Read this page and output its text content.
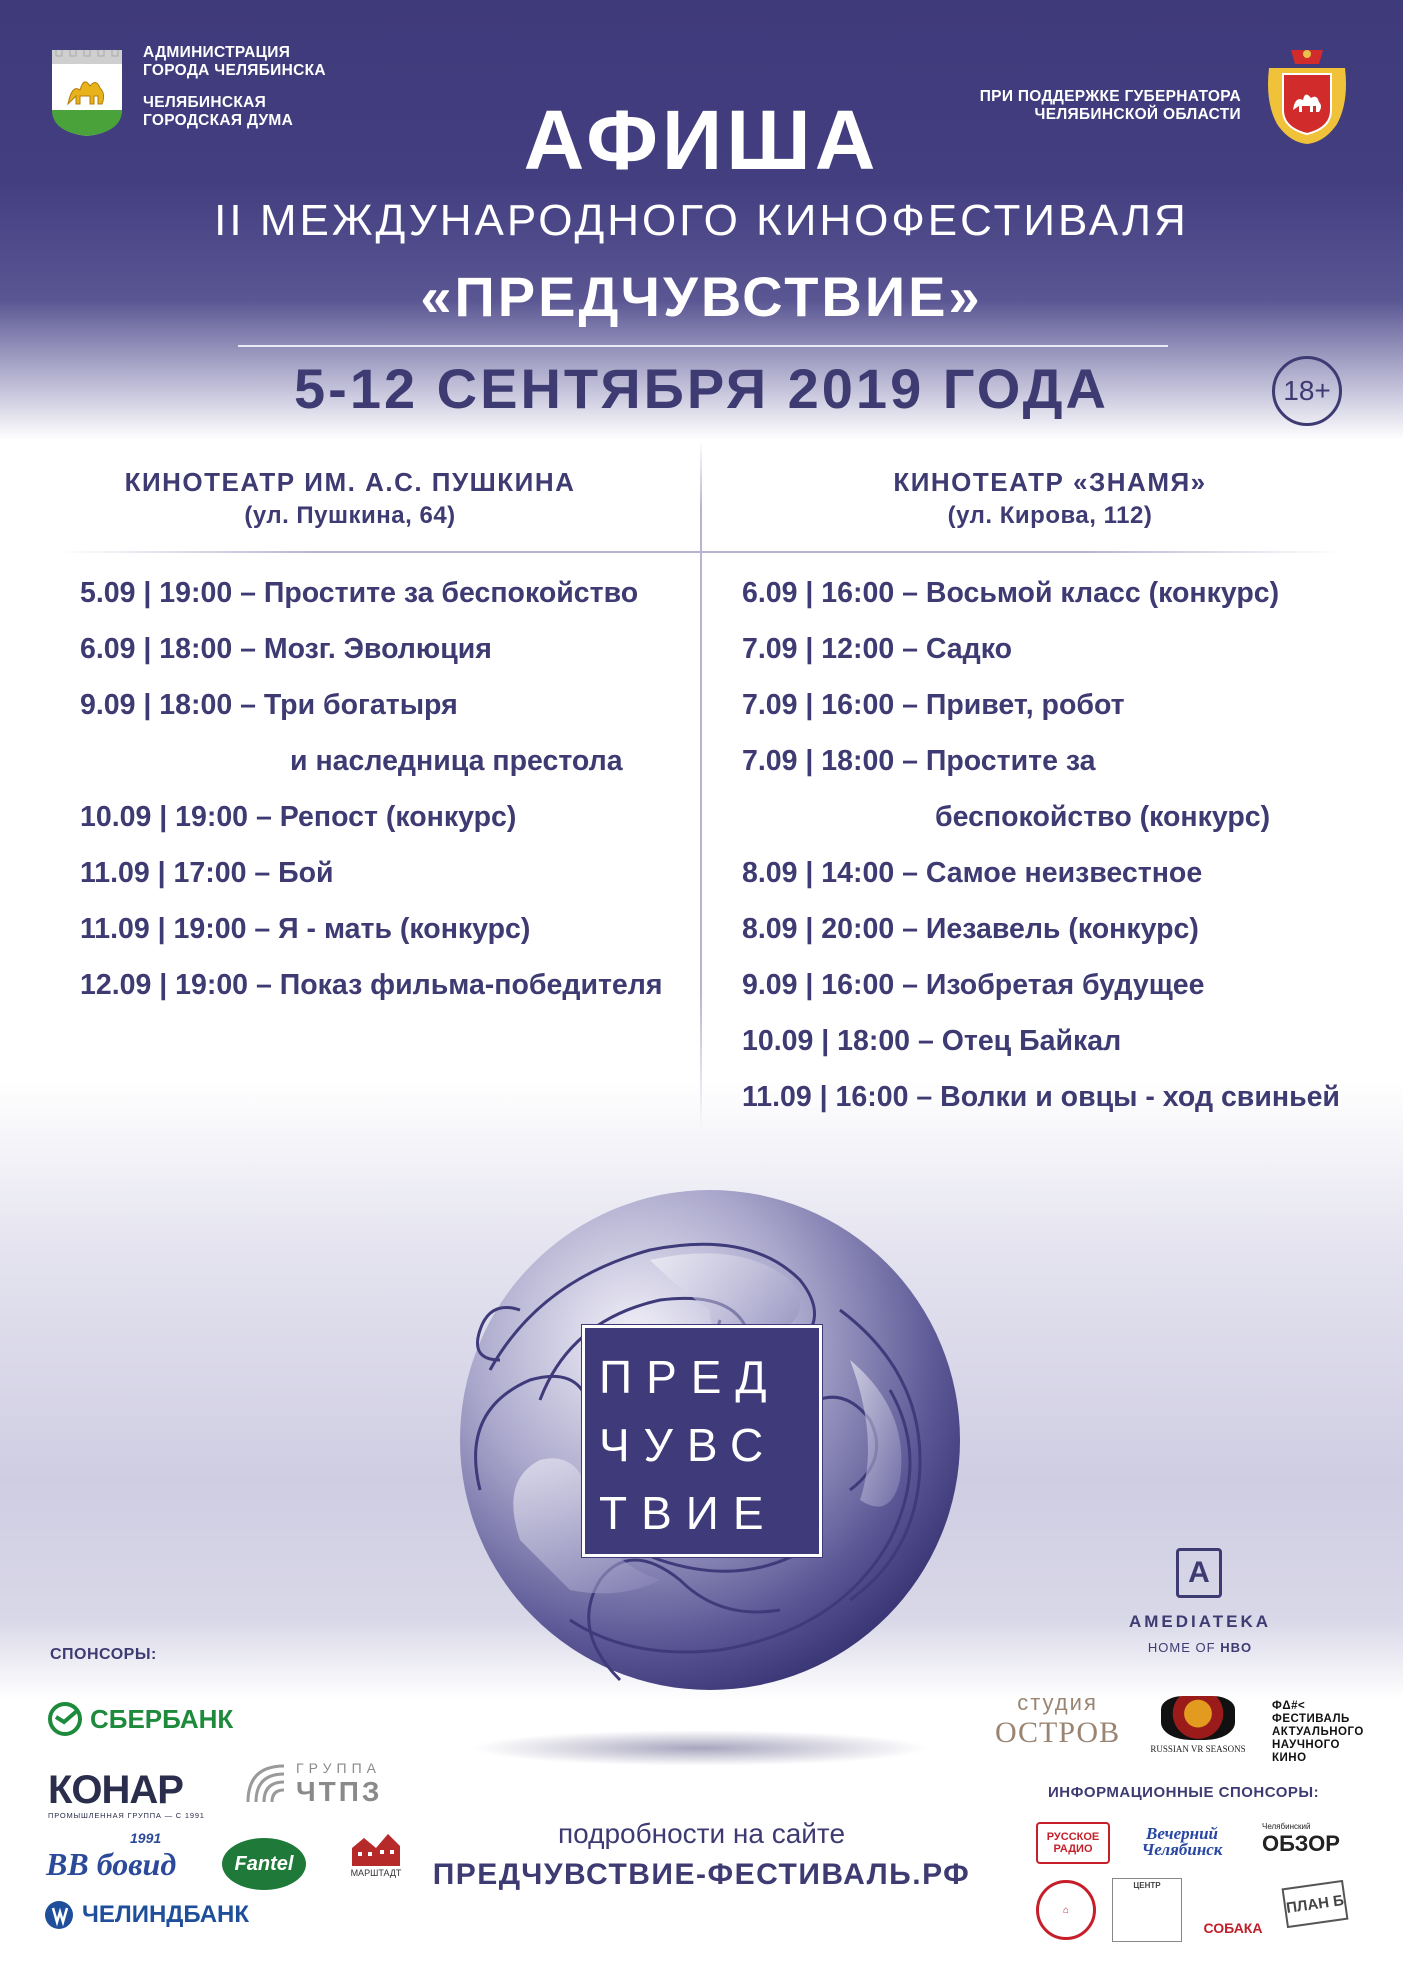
АДМИНИСТРАЦИЯ
ГОРОДА ЧЕЛЯБИНСКА
ЧЕЛЯБИНСКАЯ
ГОРОДСКАЯ ДУМА
ПРИ ПОДДЕРЖКЕ ГУБЕРНАТОРА
ЧЕЛЯБИНСКОЙ ОБЛАСТИ
АФИША
II МЕЖДУНАРОДНОГО КИНОФЕСТИВАЛЯ
«ПРЕДЧУВСТВИЕ»
5-12 СЕНТЯБРЯ 2019 ГОДА	18+
КИНОТЕАТР ИМ. А.С. ПУШКИНА
(ул. Пушкина, 64)
КИНОТЕАТР «ЗНАМЯ»
(ул. Кирова, 112)
5.09 | 19:00 – Простите за беспокойство
6.09 | 18:00 – Мозг. Эволюция
9.09 | 18:00 – Три богатыря
и наследница престола
10.09 | 19:00 – Репост (конкурс)
11.09 | 17:00 – Бой
11.09 | 19:00 – Я - мать (конкурс)
12.09 | 19:00 – Показ фильма-победителя
6.09 | 16:00 – Восьмой класс (конкурс)
7.09 | 12:00 – Садко
7.09 | 16:00 – Привет, робот
7.09 | 18:00 – Простите за
беспокойство (конкурс)
8.09 | 14:00 – Самое неизвестное
8.09 | 20:00 – Иезавель (конкурс)
9.09 | 16:00 – Изобретая будущее
10.09 | 18:00 – Отец Байкал
11.09 | 16:00 – Волки и овцы - ход свиньей
ПРЕД
ЧУВС
ТВИЕ
A
AMEDIATEKA
HOME OF HBO
СПОНСОРЫ:
СБЕРБАНК
КОНАР
ПРОМЫШЛЕННАЯ ГРУППА — С 1991
ГРУППА
ЧТПЗ
1991
ВВ бовид	Fantel	МАРШТАДТ
ЧЕЛИНДБАНК
студия
ОСТРОВ	RUSSIAN VR SEASONS
ФΔ#<
ФЕСТИВАЛЬ
АКТУАЛЬНОГО
НАУЧНОГО
КИНО
ИНФОРМАЦИОННЫЕ СПОНСОРЫ:
РУССКОЕ РАДИО
Вечерний Челябинск
Челябинский
ОБЗОР
⌂
ЦЕНТР
СОБАКА
ПЛАН Б
подробности на сайте
ПРЕДЧУВСТВИЕ-ФЕСТИВАЛЬ.РФ
